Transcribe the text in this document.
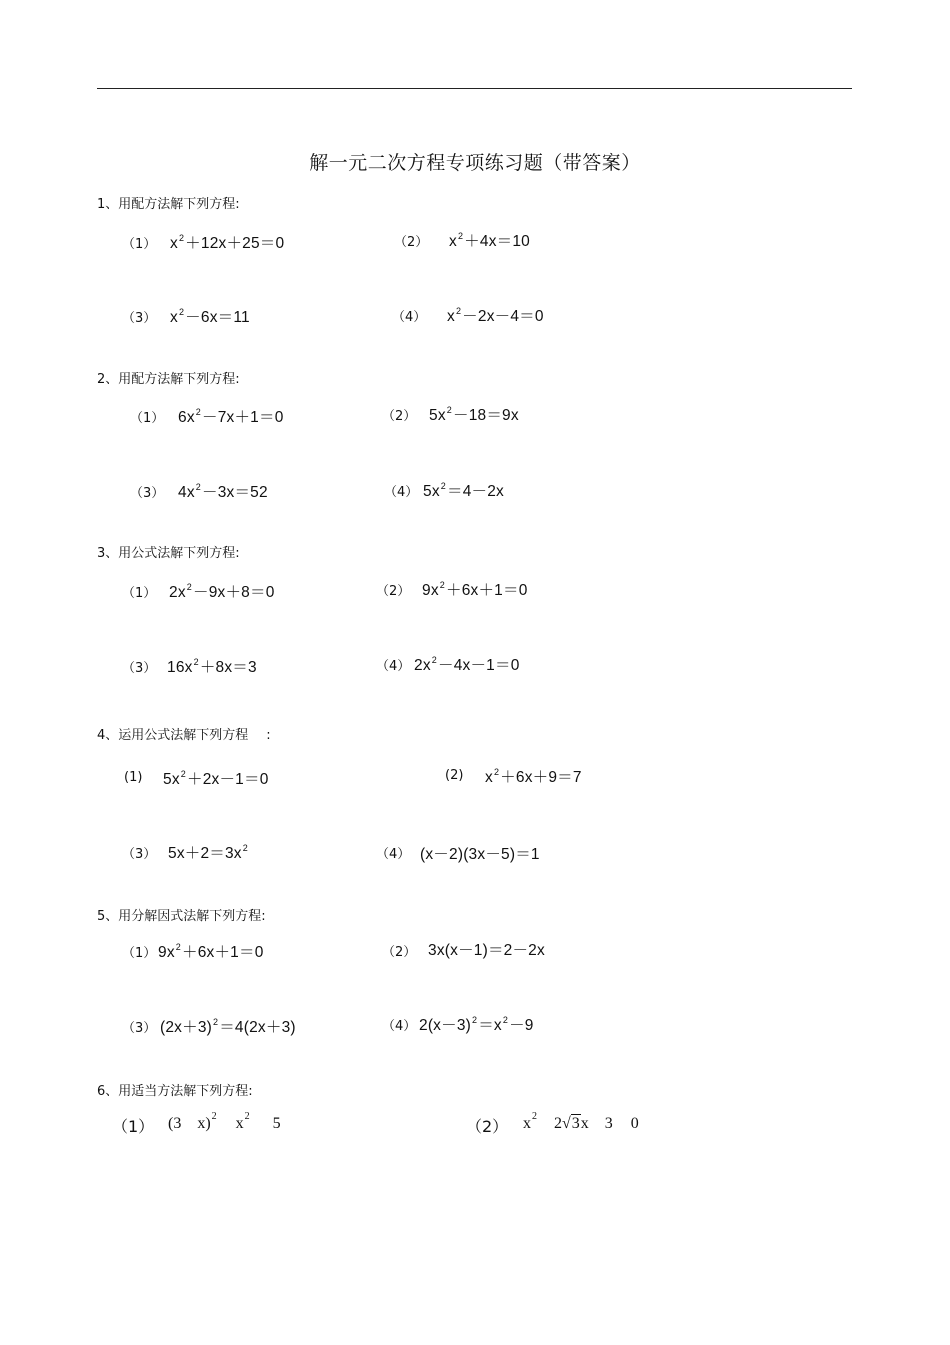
解一元二次方程专项练习题（带答案）
1、用配方法解下列方程:
（1） $x^2+12x+25=0$	（2） $x^2+4x=10$
（3） $x^2-6x=11$	（4） $x^2-2x-4=0$
2、用配方法解下列方程:
（1） $6x^2-7x+1=0$	（2） $5x^2-18=9x$
（3） $4x^2-3x=52$	（4） $5x^2=4-2x$
3、用公式法解下列方程:
（1） $2x^2-9x+8=0$	（2） $9x^2+6x+1=0$
（3） $16x^2+8x=3$	（4） $2x^2-4x-1=0$
4、运用公式法解下列方程 :
(1) $5x^2+2x-1=0$	(2) $x^2+6x+9=7$
（3） $5x+2=3x^2$	（4） (x－2)(3x－5)＝1
5、用分解因式法解下列方程:
（1） $9x^2+6x+1=0$	（2） 3x(x－1)＝2－2x
（3） $(2x+3)^2=4(2x+3)$	（4） $2(x-3)^2=x^2-9$
6、用适当方法解下列方程:
（1） (3 x)$^2$ $x^2$ 5	（2） $x^2$ 2√3x 3 0
